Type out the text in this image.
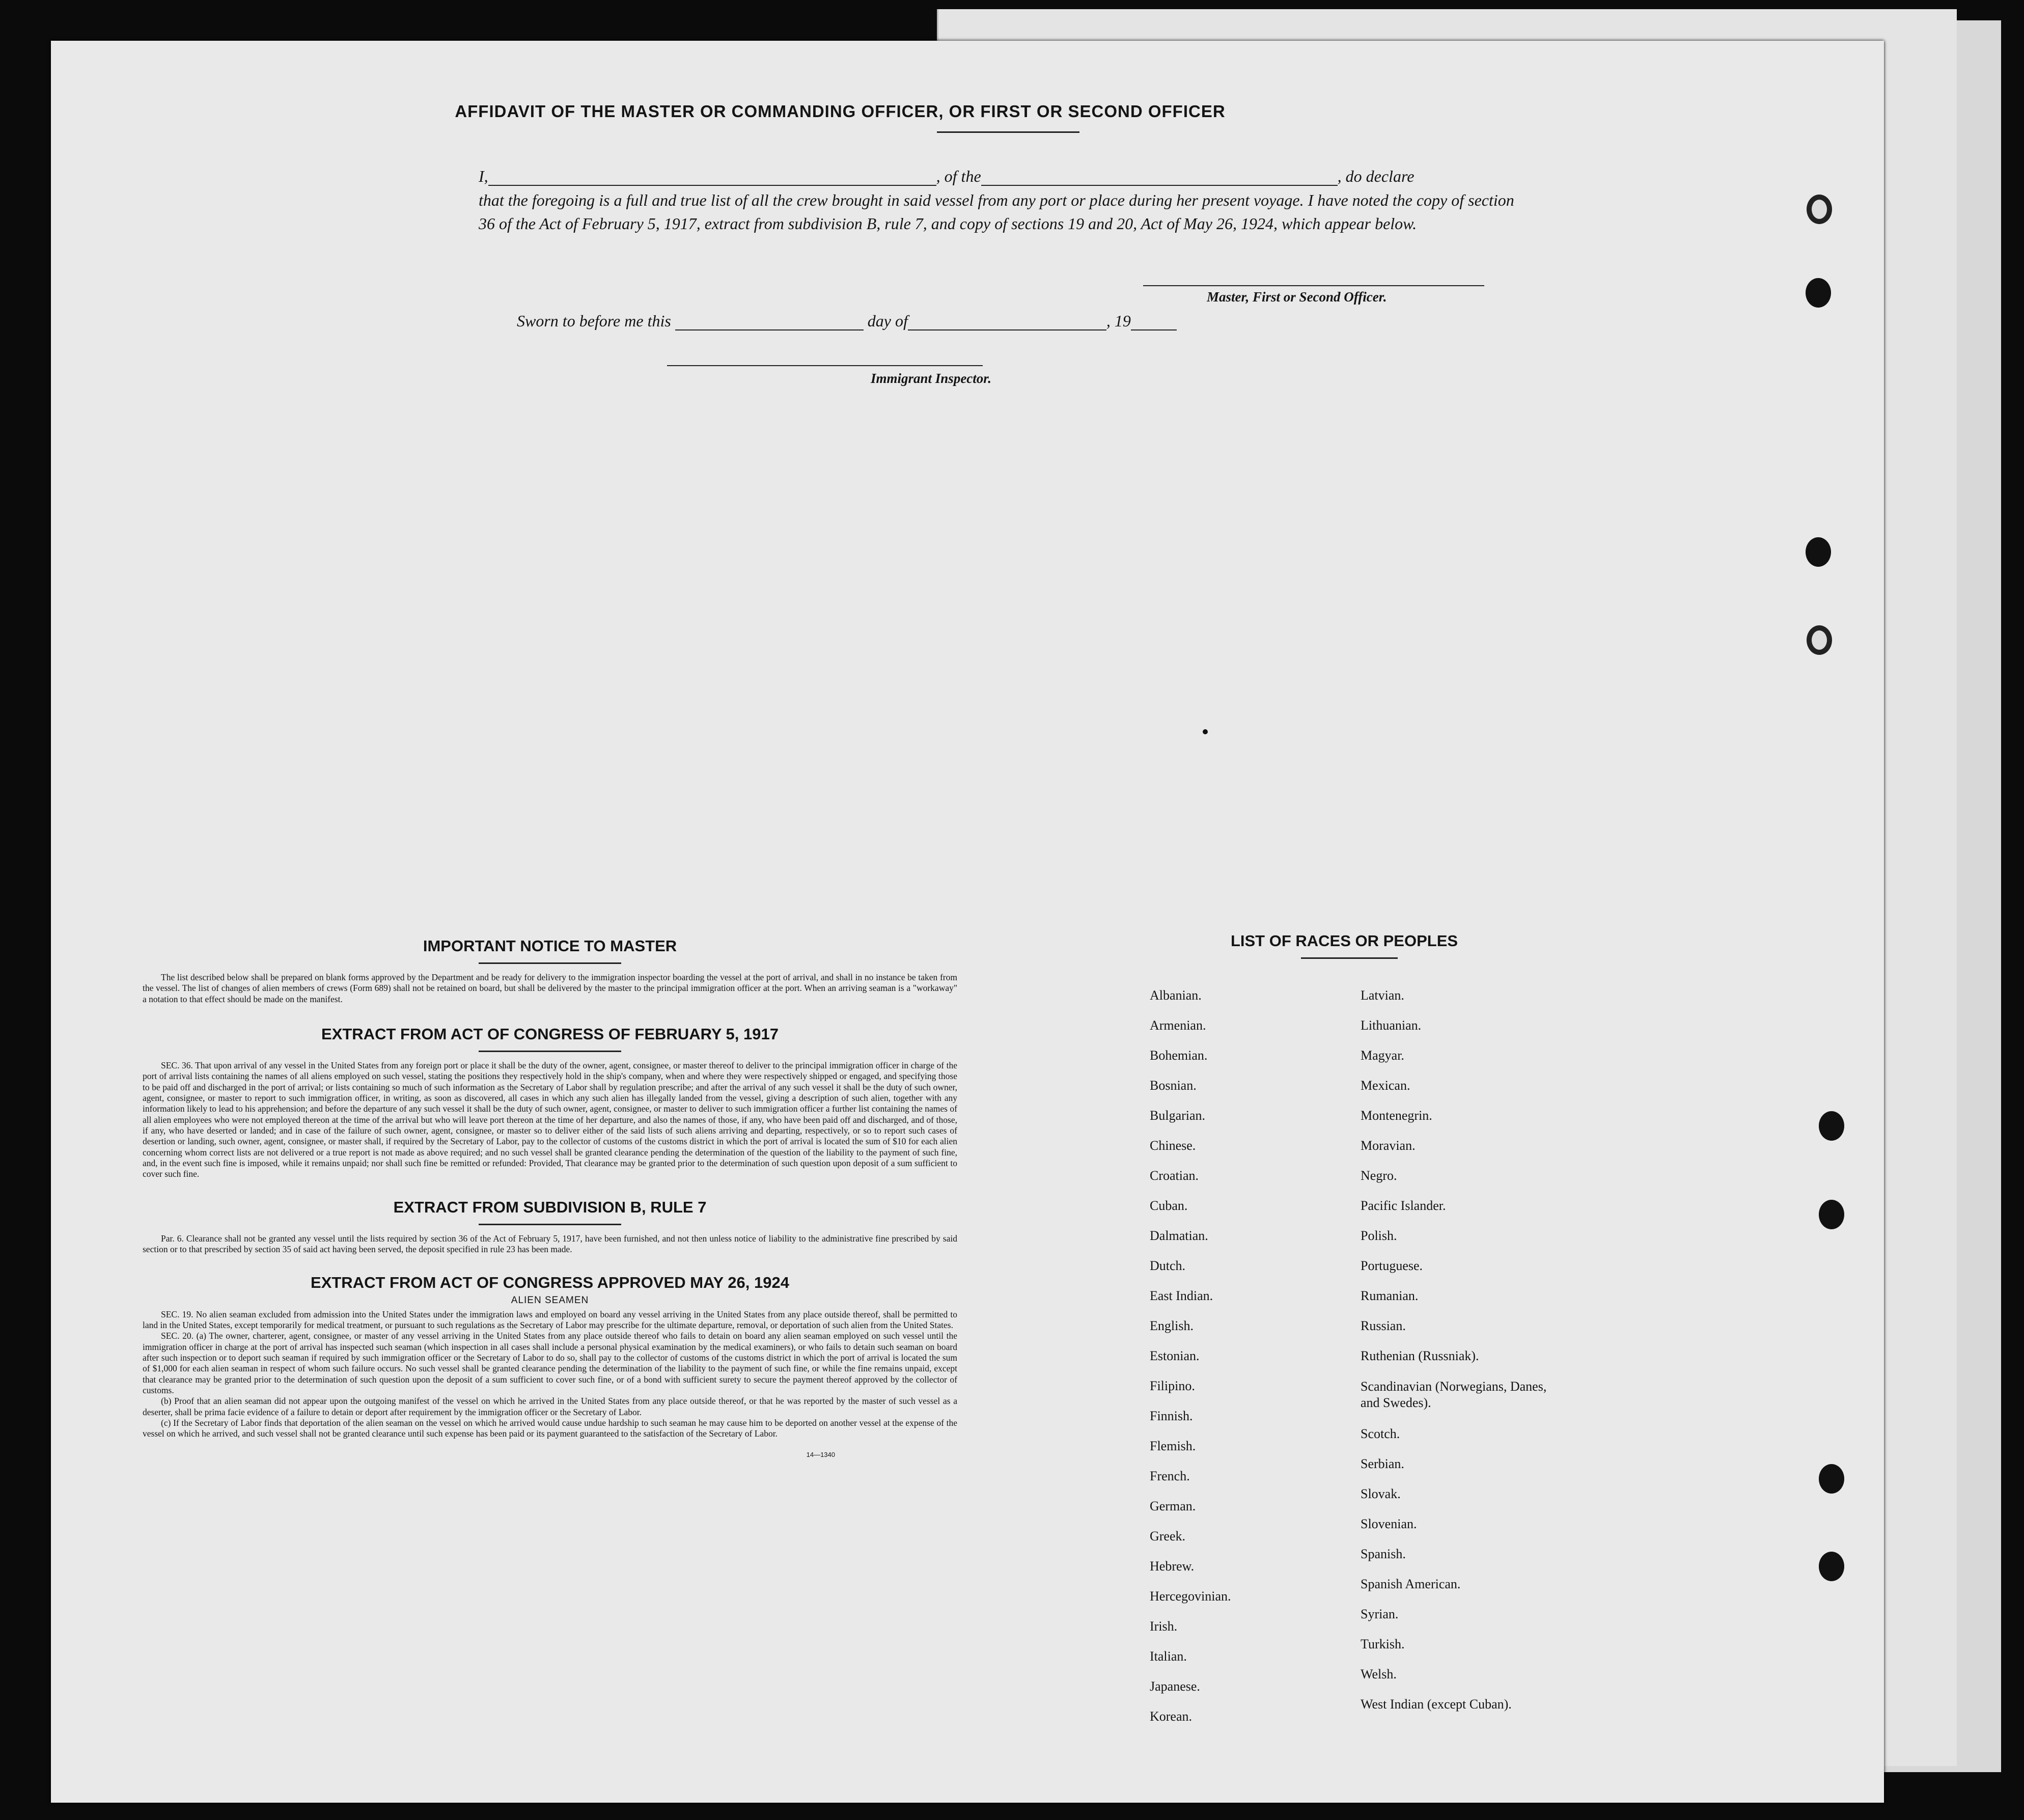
AFFIDAVIT OF THE MASTER OR COMMANDING OFFICER, OR FIRST OR SECOND OFFICER
I,	, of the	, do declare
that the foregoing is a full and true list of all the crew brought in said vessel from any port or place during her present voyage. I have noted the copy of section 36 of the Act of February 5, 1917, extract from subdivision B, rule 7, and copy of sections 19 and 20, Act of May 26, 1924, which appear below.
Master, First or Second Officer.
Sworn to before me this	day of	, 19
Immigrant Inspector.
IMPORTANT NOTICE TO MASTER

The list described below shall be prepared on blank forms approved by the Department and be ready for delivery to the immigration inspector boarding the vessel at the port of arrival, and shall in no instance be taken from the vessel. The list of changes of alien members of crews (Form 689) shall not be retained on board, but shall be delivered by the master to the principal immigration officer at the port. When an arriving seaman is a "workaway" a notation to that effect should be made on the manifest.

EXTRACT FROM ACT OF CONGRESS OF FEBRUARY 5, 1917

SEC. 36. That upon arrival of any vessel in the United States from any foreign port or place it shall be the duty of the owner, agent, consignee, or master thereof to deliver to the principal immigration officer in charge of the port of arrival lists containing the names of all aliens employed on such vessel, stating the positions they respectively hold in the ship's company, when and where they were respectively shipped or engaged, and specifying those to be paid off and discharged in the port of arrival; or lists containing so much of such information as the Secretary of Labor shall by regulation prescribe; and after the arrival of any such vessel it shall be the duty of such owner, agent, consignee, or master to report to such immigration officer, in writing, as soon as discovered, all cases in which any such alien has illegally landed from the vessel, giving a description of such alien, together with any information likely to lead to his apprehension; and before the departure of any such vessel it shall be the duty of such owner, agent, consignee, or master to deliver to such immigration officer a further list containing the names of all alien employees who were not employed thereon at the time of the arrival but who will leave port thereon at the time of her departure, and also the names of those, if any, who have been paid off and discharged, and of those, if any, who have deserted or landed; and in case of the failure of such owner, agent, consignee, or master so to deliver either of the said lists of such aliens arriving and departing, respectively, or so to report such cases of desertion or landing, such owner, agent, consignee, or master shall, if required by the Secretary of Labor, pay to the collector of customs of the customs district in which the port of arrival is located the sum of $10 for each alien concerning whom correct lists are not delivered or a true report is not made as above required; and no such vessel shall be granted clearance pending the determination of the question of the liability to the payment of such fine, and, in the event such fine is imposed, while it remains unpaid; nor shall such fine be remitted or refunded: Provided, That clearance may be granted prior to the determination of such question upon deposit of a sum sufficient to cover such fine.

EXTRACT FROM SUBDIVISION B, RULE 7

Par. 6. Clearance shall not be granted any vessel until the lists required by section 36 of the Act of February 5, 1917, have been furnished, and not then unless notice of liability to the administrative fine prescribed by said section or to that prescribed by section 35 of said act having been served, the deposit specified in rule 23 has been made.

EXTRACT FROM ACT OF CONGRESS APPROVED MAY 26, 1924
ALIEN SEAMEN

SEC. 19. No alien seaman excluded from admission into the United States under the immigration laws and employed on board any vessel arriving in the United States from any place outside thereof, shall be permitted to land in the United States, except temporarily for medical treatment, or pursuant to such regulations as the Secretary of Labor may prescribe for the ultimate departure, removal, or deportation of such alien from the United States.

SEC. 20. (a) The owner, charterer, agent, consignee, or master of any vessel arriving in the United States from any place outside thereof who fails to detain on board any alien seaman employed on such vessel until the immigration officer in charge at the port of arrival has inspected such seaman (which inspection in all cases shall include a personal physical examination by the medical examiners), or who fails to detain such seaman on board after such inspection or to deport such seaman if required by such immigration officer or the Secretary of Labor to do so, shall pay to the collector of customs of the customs district in which the port of arrival is located the sum of $1,000 for each alien seaman in respect of whom such failure occurs. No such vessel shall be granted clearance pending the determination of the liability to the payment of such fine, or while the fine remains unpaid, except that clearance may be granted prior to the determination of such question upon the deposit of a sum sufficient to cover such fine, or of a bond with sufficient surety to secure the payment thereof approved by the collector of customs.

(b) Proof that an alien seaman did not appear upon the outgoing manifest of the vessel on which he arrived in the United States from any place outside thereof, or that he was reported by the master of such vessel as a deserter, shall be prima facie evidence of a failure to detain or deport after requirement by the immigration officer or the Secretary of Labor.

(c) If the Secretary of Labor finds that deportation of the alien seaman on the vessel on which he arrived would cause undue hardship to such seaman he may cause him to be deported on another vessel at the expense of the vessel on which he arrived, and such vessel shall not be granted clearance until such expense has been paid or its payment guaranteed to the satisfaction of the Secretary of Labor.

14—1340
LIST OF RACES OR PEOPLES
Albanian.
Armenian.
Bohemian.
Bosnian.
Bulgarian.
Chinese.
Croatian.
Cuban.
Dalmatian.
Dutch.
East Indian.
English.
Estonian.
Filipino.
Finnish.
Flemish.
French.
German.
Greek.
Hebrew.
Hercegovinian.
Irish.
Italian.
Japanese.
Korean.
Latvian.
Lithuanian.
Magyar.
Mexican.
Montenegrin.
Moravian.
Negro.
Pacific Islander.
Polish.
Portuguese.
Rumanian.
Russian.
Ruthenian (Russniak).
Scandinavian (Norwegians, Danes, and Swedes).
Scotch.
Serbian.
Slovak.
Slovenian.
Spanish.
Spanish American.
Syrian.
Turkish.
Welsh.
West Indian (except Cuban).
